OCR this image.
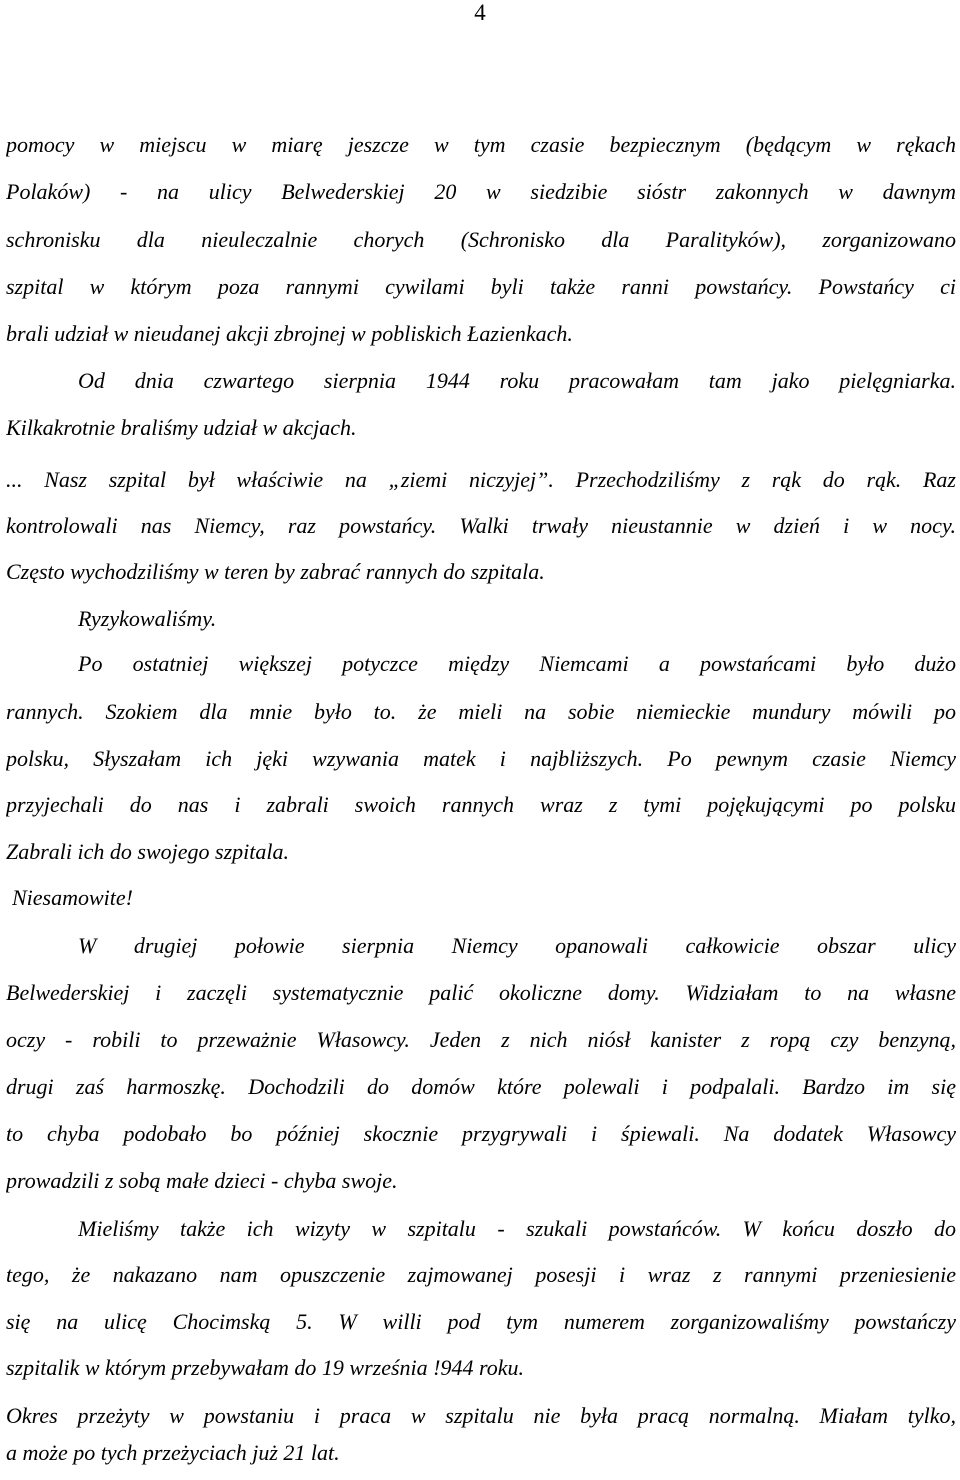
4
pomocy w miejscu w miarę jeszcze w tym czasie bezpiecznym (będącym w rękach
Polaków) - na ulicy Belwederskiej 20 w siedzibie sióstr zakonnych w dawnym
schronisku dla nieuleczalnie chorych (Schronisko dla Paralityków), zorganizowano
szpital w którym poza rannymi cywilami byli także ranni powstańcy. Powstańcy ci
brali udział w nieudanej akcji zbrojnej w pobliskich Łazienkach.
Od dnia czwartego sierpnia 1944 roku pracowałam tam jako pielęgniarka.
Kilkakrotnie braliśmy udział w akcjach.
... Nasz szpital był właściwie na „ziemi niczyjej”. Przechodziliśmy z rąk do rąk. Raz
kontrolowali nas Niemcy, raz powstańcy. Walki trwały nieustannie w dzień i w nocy.
Często wychodziliśmy w teren by zabrać rannych do szpitala.
Ryzykowaliśmy.
Po ostatniej większej potyczce między Niemcami a powstańcami było dużo
rannych. Szokiem dla mnie było to. że mieli na sobie niemieckie mundury mówili po
polsku, Słyszałam ich jęki wzywania matek i najbliższych. Po pewnym czasie Niemcy
przyjechali do nas i zabrali swoich rannych wraz z tymi pojękującymi po polsku
Zabrali ich do swojego szpitala.
Niesamowite!
W drugiej połowie sierpnia Niemcy opanowali całkowicie obszar ulicy
Belwederskiej i zaczęli systematycznie palić okoliczne domy. Widziałam to na własne
oczy - robili to przeważnie Własowcy. Jeden z nich niósł kanister z ropą czy benzyną,
drugi zaś harmoszkę. Dochodzili do domów które polewali i podpalali. Bardzo im się
to chyba podobało bo później skocznie przygrywali i śpiewali. Na dodatek Własowcy
prowadzili z sobą małe dzieci - chyba swoje.
Mieliśmy także ich wizyty w szpitalu - szukali powstańców. W końcu doszło do
tego, że nakazano nam opuszczenie zajmowanej posesji i wraz z rannymi przeniesienie
się na ulicę Chocimską 5. W willi pod tym numerem zorganizowaliśmy powstańczy
szpitalik w którym przebywałam do 19 września !944 roku.
Okres przeżyty w powstaniu i praca w szpitalu nie była pracą normalną. Miałam tylko,
a może po tych przeżyciach już 21 lat.
